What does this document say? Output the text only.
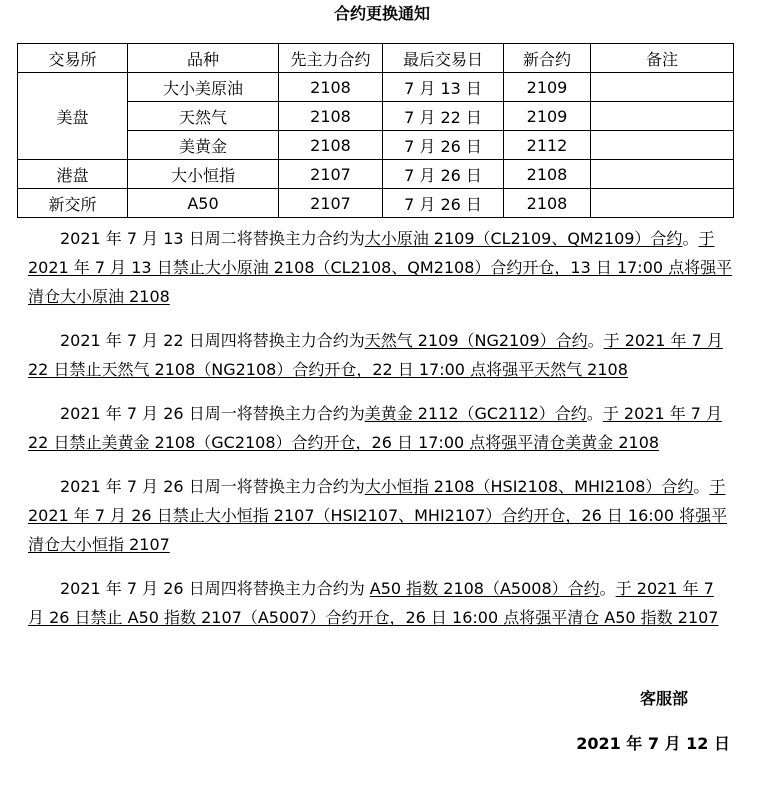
合约更换通知
交易所	品种	先主力合约	最后交易日	新合约	备注
美盘	大小美原油	2108	7 月 13 日	2109	
	天然气	2108	7 月 22 日	2109	
	美黄金	2108	7 月 26 日	2112	
港盘	大小恒指	2107	7 月 26 日	2108	
新交所	A50	2107	7 月 26 日	2108	

2021 年 7 月 13 日周二将替换主力合约为大小原油 2109（CL2109、QM2109）合约。于 2021 年 7 月 13 日禁止大小原油 2108（CL2108、QM2108）合约开仓，13 日 17:00 点将强平清仓大小原油 2108

2021 年 7 月 22 日周四将替换主力合约为天然气 2109（NG2109）合约。于 2021 年 7 月 22 日禁止天然气 2108（NG2108）合约开仓，22 日 17:00 点将强平天然气 2108

2021 年 7 月 26 日周一将替换主力合约为美黄金 2112（GC2112）合约。于 2021 年 7 月 22 日禁止美黄金 2108（GC2108）合约开仓，26 日 17:00 点将强平清仓美黄金 2108

2021 年 7 月 26 日周一将替换主力合约为大小恒指 2108（HSI2108、MHI2108）合约。于 2021 年 7 月 26 日禁止大小恒指 2107（HSI2107、MHI2107）合约开仓，26 日 16:00 将强平清仓大小恒指 2107

2021 年 7 月 26 日周四将替换主力合约为 A50 指数 2108（A5008）合约。于 2021 年 7 月 26 日禁止 A50 指数 2107（A5007）合约开仓，26 日 16:00 点将强平清仓 A50 指数 2107

客服部
2021 年 7 月 12 日
